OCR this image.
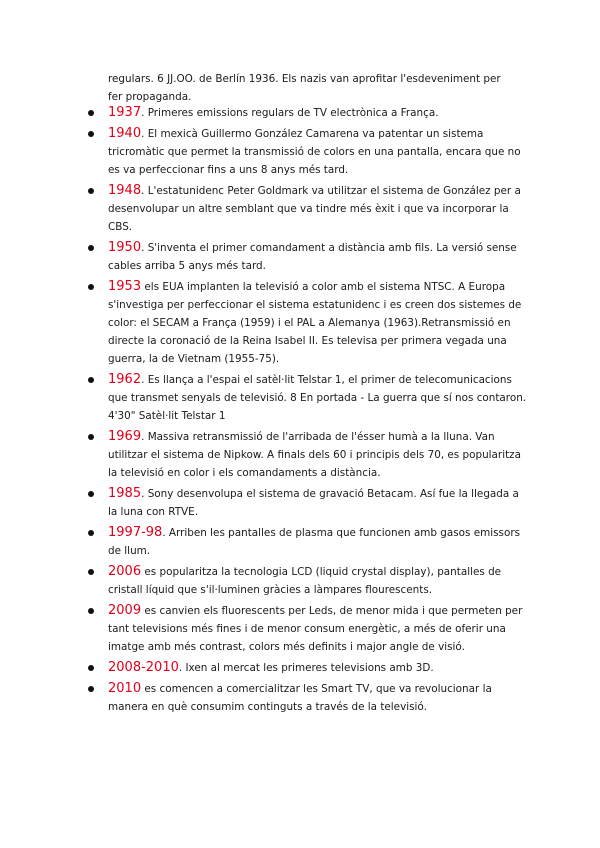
regulars. 6 JJ.OO. de Berlín 1936. Els nazis van aprofitar l'esdeveniment per fer propaganda.
1937. Primeres emissions regulars de TV electrònica a França.
1940. El mexicà Guillermo González Camarena va patentar un sistema tricromàtic que permet la transmissió de colors en una pantalla, encara que no es va perfeccionar fins a uns 8 anys més tard.
1948. L'estatunidenc Peter Goldmark va utilitzar el sistema de González per a desenvolupar un altre semblant que va tindre més èxit i que va incorporar la CBS.
1950. S'inventa el primer comandament a distància amb fils. La versió sense cables arriba 5 anys més tard.
1953 els EUA implanten la televisió a color amb el sistema NTSC. A Europa s'investiga per perfeccionar el sistema estatunidenc i es creen dos sistemes de color: el SECAM a França (1959) i el PAL a Alemanya (1963).Retransmissió en directe la coronació de la Reina Isabel II. Es televisa per primera vegada una guerra, la de Vietnam (1955-75).
1962. Es llança a l'espai el satèl·lit Telstar 1, el primer de telecomunicacions que transmet senyals de televisió. 8 En portada - La guerra que sí nos contaron. 4'30" Satèl·lit Telstar 1
1969. Massiva retransmissió de l'arribada de l'ésser humà a la lluna. Van utilitzar el sistema de Nipkow. A finals dels 60 i principis dels 70, es popularitza la televisió en color i els comandaments a distància.
1985. Sony desenvolupa el sistema de gravació Betacam. Así fue la llegada a la luna con RTVE.
1997-98. Arriben les pantalles de plasma que funcionen amb gasos emissors de llum.
2006 es popularitza la tecnologia LCD (liquid crystal display), pantalles de cristall líquid que s'il·luminen gràcies a làmpares flourescents.
2009 es canvien els fluorescents per Leds, de menor mida i que permeten per tant televisions més fines i de menor consum energètic, a més de oferir una imatge amb més contrast, colors més definits i major angle de visió.
2008-2010. Ixen al mercat les primeres televisions amb 3D.
2010 es comencen a comercialitzar les Smart TV, que va revolucionar la manera en què consumim continguts a través de la televisió.
